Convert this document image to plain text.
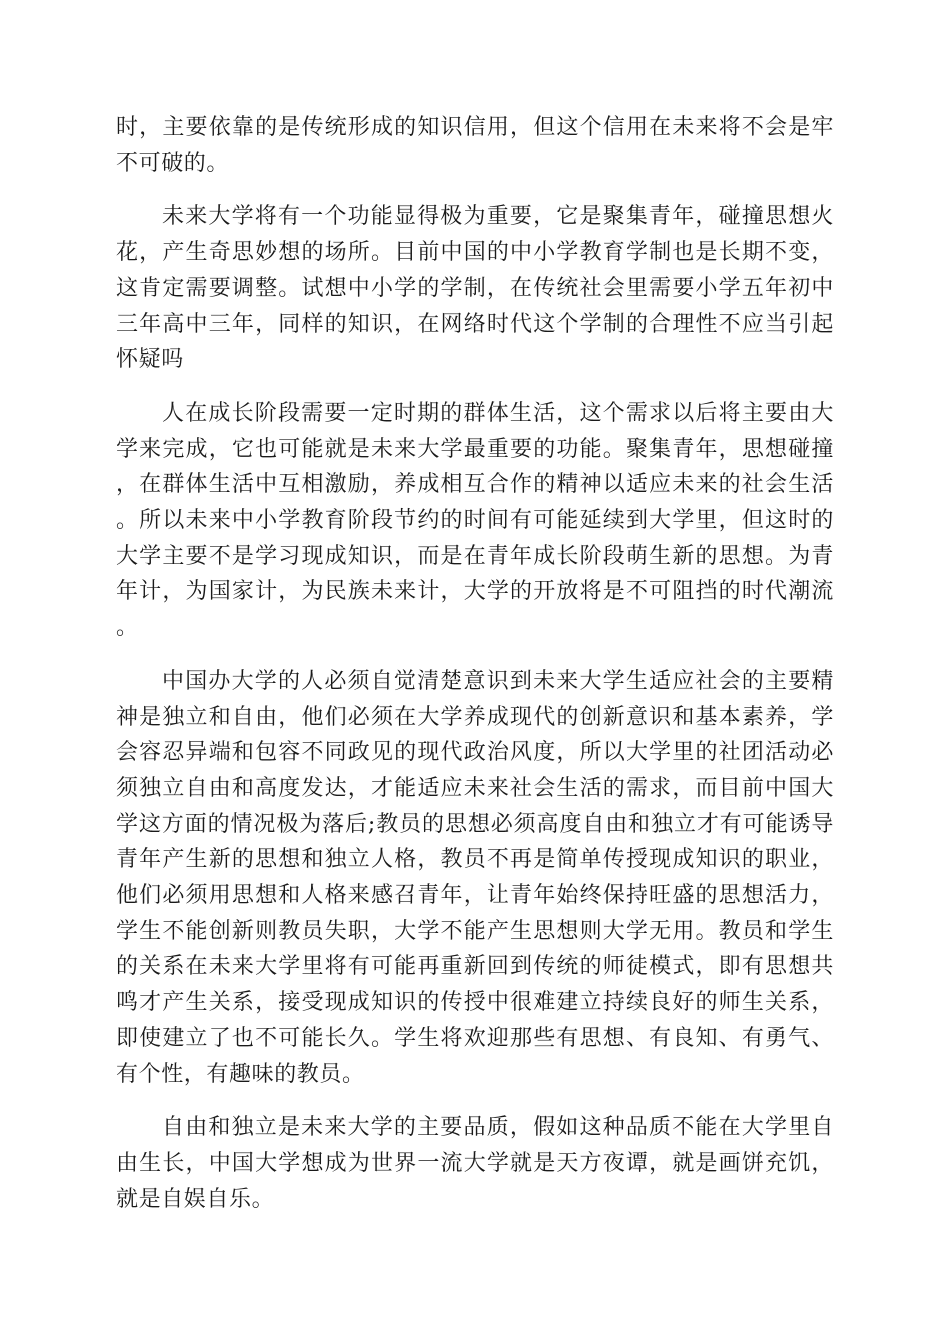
时，主要依靠的是传统形成的知识信用，但这个信用在未来将不会是牢不可破的。

未来大学将有一个功能显得极为重要，它是聚集青年，碰撞思想火花，产生奇思妙想的场所。目前中国的中小学教育学制也是长期不变，这肯定需要调整。试想中小学的学制，在传统社会里需要小学五年初中三年高中三年，同样的知识，在网络时代这个学制的合理性不应当引起怀疑吗

人在成长阶段需要一定时期的群体生活，这个需求以后将主要由大学来完成，它也可能就是未来大学最重要的功能。聚集青年，思想碰撞，在群体生活中互相激励，养成相互合作的精神以适应未来的社会生活。所以未来中小学教育阶段节约的时间有可能延续到大学里，但这时的大学主要不是学习现成知识，而是在青年成长阶段萌生新的思想。为青年计，为国家计，为民族未来计，大学的开放将是不可阻挡的时代潮流。

中国办大学的人必须自觉清楚意识到未来大学生适应社会的主要精神是独立和自由，他们必须在大学养成现代的创新意识和基本素养，学会容忍异端和包容不同政见的现代政治风度，所以大学里的社团活动必须独立自由和高度发达，才能适应未来社会生活的需求，而目前中国大学这方面的情况极为落后;教员的思想必须高度自由和独立才有可能诱导青年产生新的思想和独立人格，教员不再是简单传授现成知识的职业，他们必须用思想和人格来感召青年，让青年始终保持旺盛的思想活力，学生不能创新则教员失职，大学不能产生思想则大学无用。教员和学生的关系在未来大学里将有可能再重新回到传统的师徒模式，即有思想共鸣才产生关系，接受现成知识的传授中很难建立持续良好的师生关系，即使建立了也不可能长久。学生将欢迎那些有思想、有良知、有勇气、有个性，有趣味的教员。

自由和独立是未来大学的主要品质，假如这种品质不能在大学里自由生长，中国大学想成为世界一流大学就是天方夜谭，就是画饼充饥，就是自娱自乐。
